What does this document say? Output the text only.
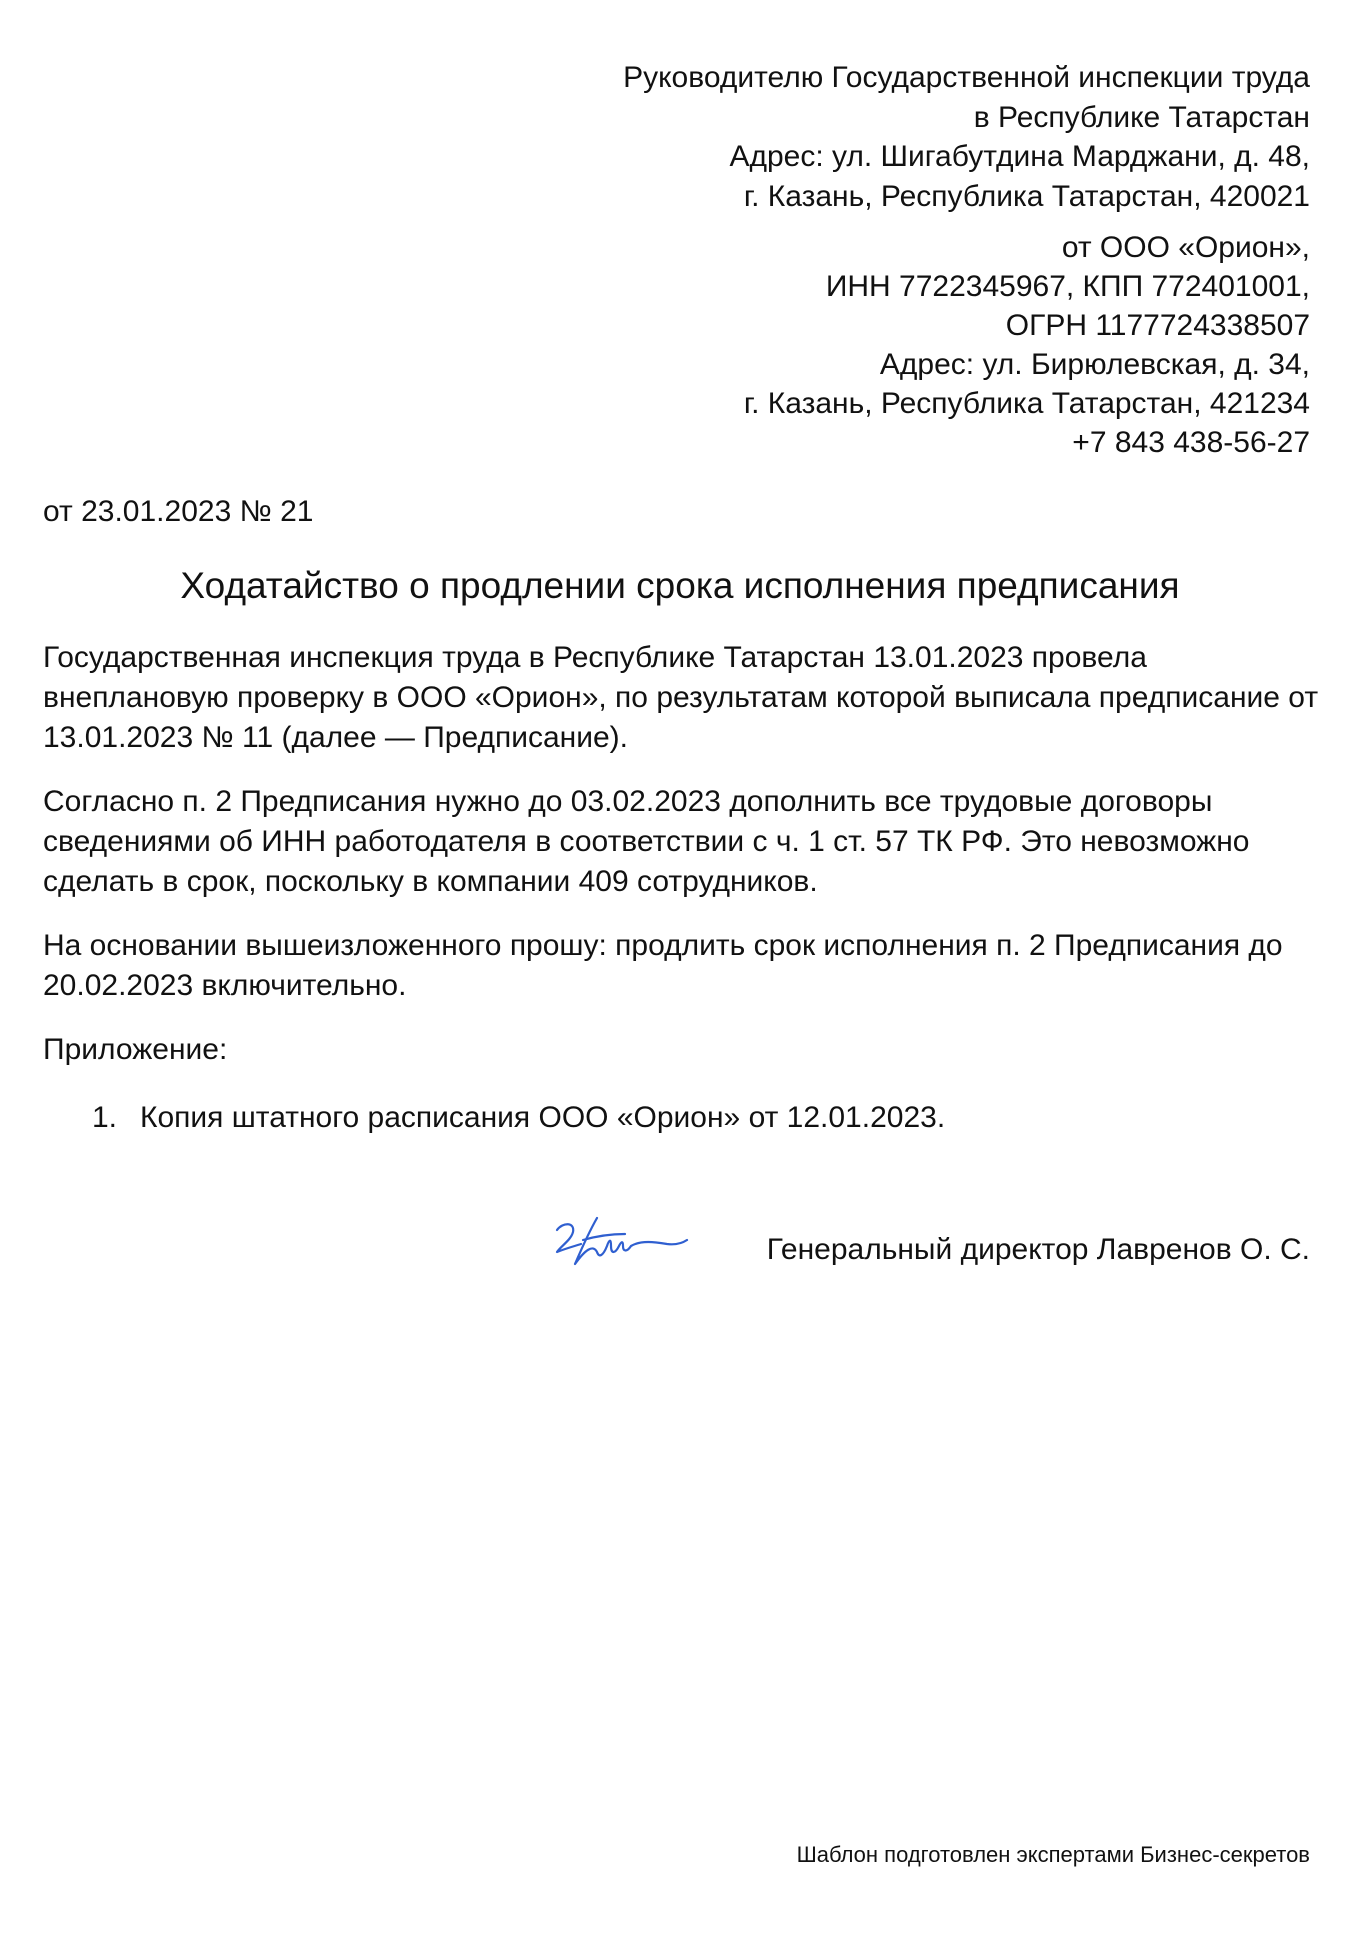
Руководителю Государственной инспекции труда
в Республике Татарстан
Адрес: ул. Шигабутдина Марджани, д. 48,
г. Казань, Республика Татарстан, 420021
от ООО «Орион»,
ИНН 7722345967, КПП 772401001,
ОГРН 1177724338507
Адрес: ул. Бирюлевская, д. 34,
г. Казань, Республика Татарстан, 421234
+7 843 438-56-27
от 23.01.2023 № 21
Ходатайство о продлении срока исполнения предписания
Государственная инспекция труда в Республике Татарстан 13.01.2023 провела внеплановую проверку в ООО «Орион», по результатам которой выписала предписание от 13.01.2023 № 11 (далее — Предписание).
Согласно п. 2 Предписания нужно до 03.02.2023 дополнить все трудовые договоры сведениями об ИНН работодателя в соответствии с ч. 1 ст. 57 ТК РФ. Это невозможно сделать в срок, поскольку в компании 409 сотрудников.
На основании вышеизложенного прошу: продлить срок исполнения п. 2 Предписания до 20.02.2023 включительно.
Приложение:
1. Копия штатного расписания ООО «Орион» от 12.01.2023.
Генеральный директор Лавренов О. С.
Шаблон подготовлен экспертами Бизнес-секретов
